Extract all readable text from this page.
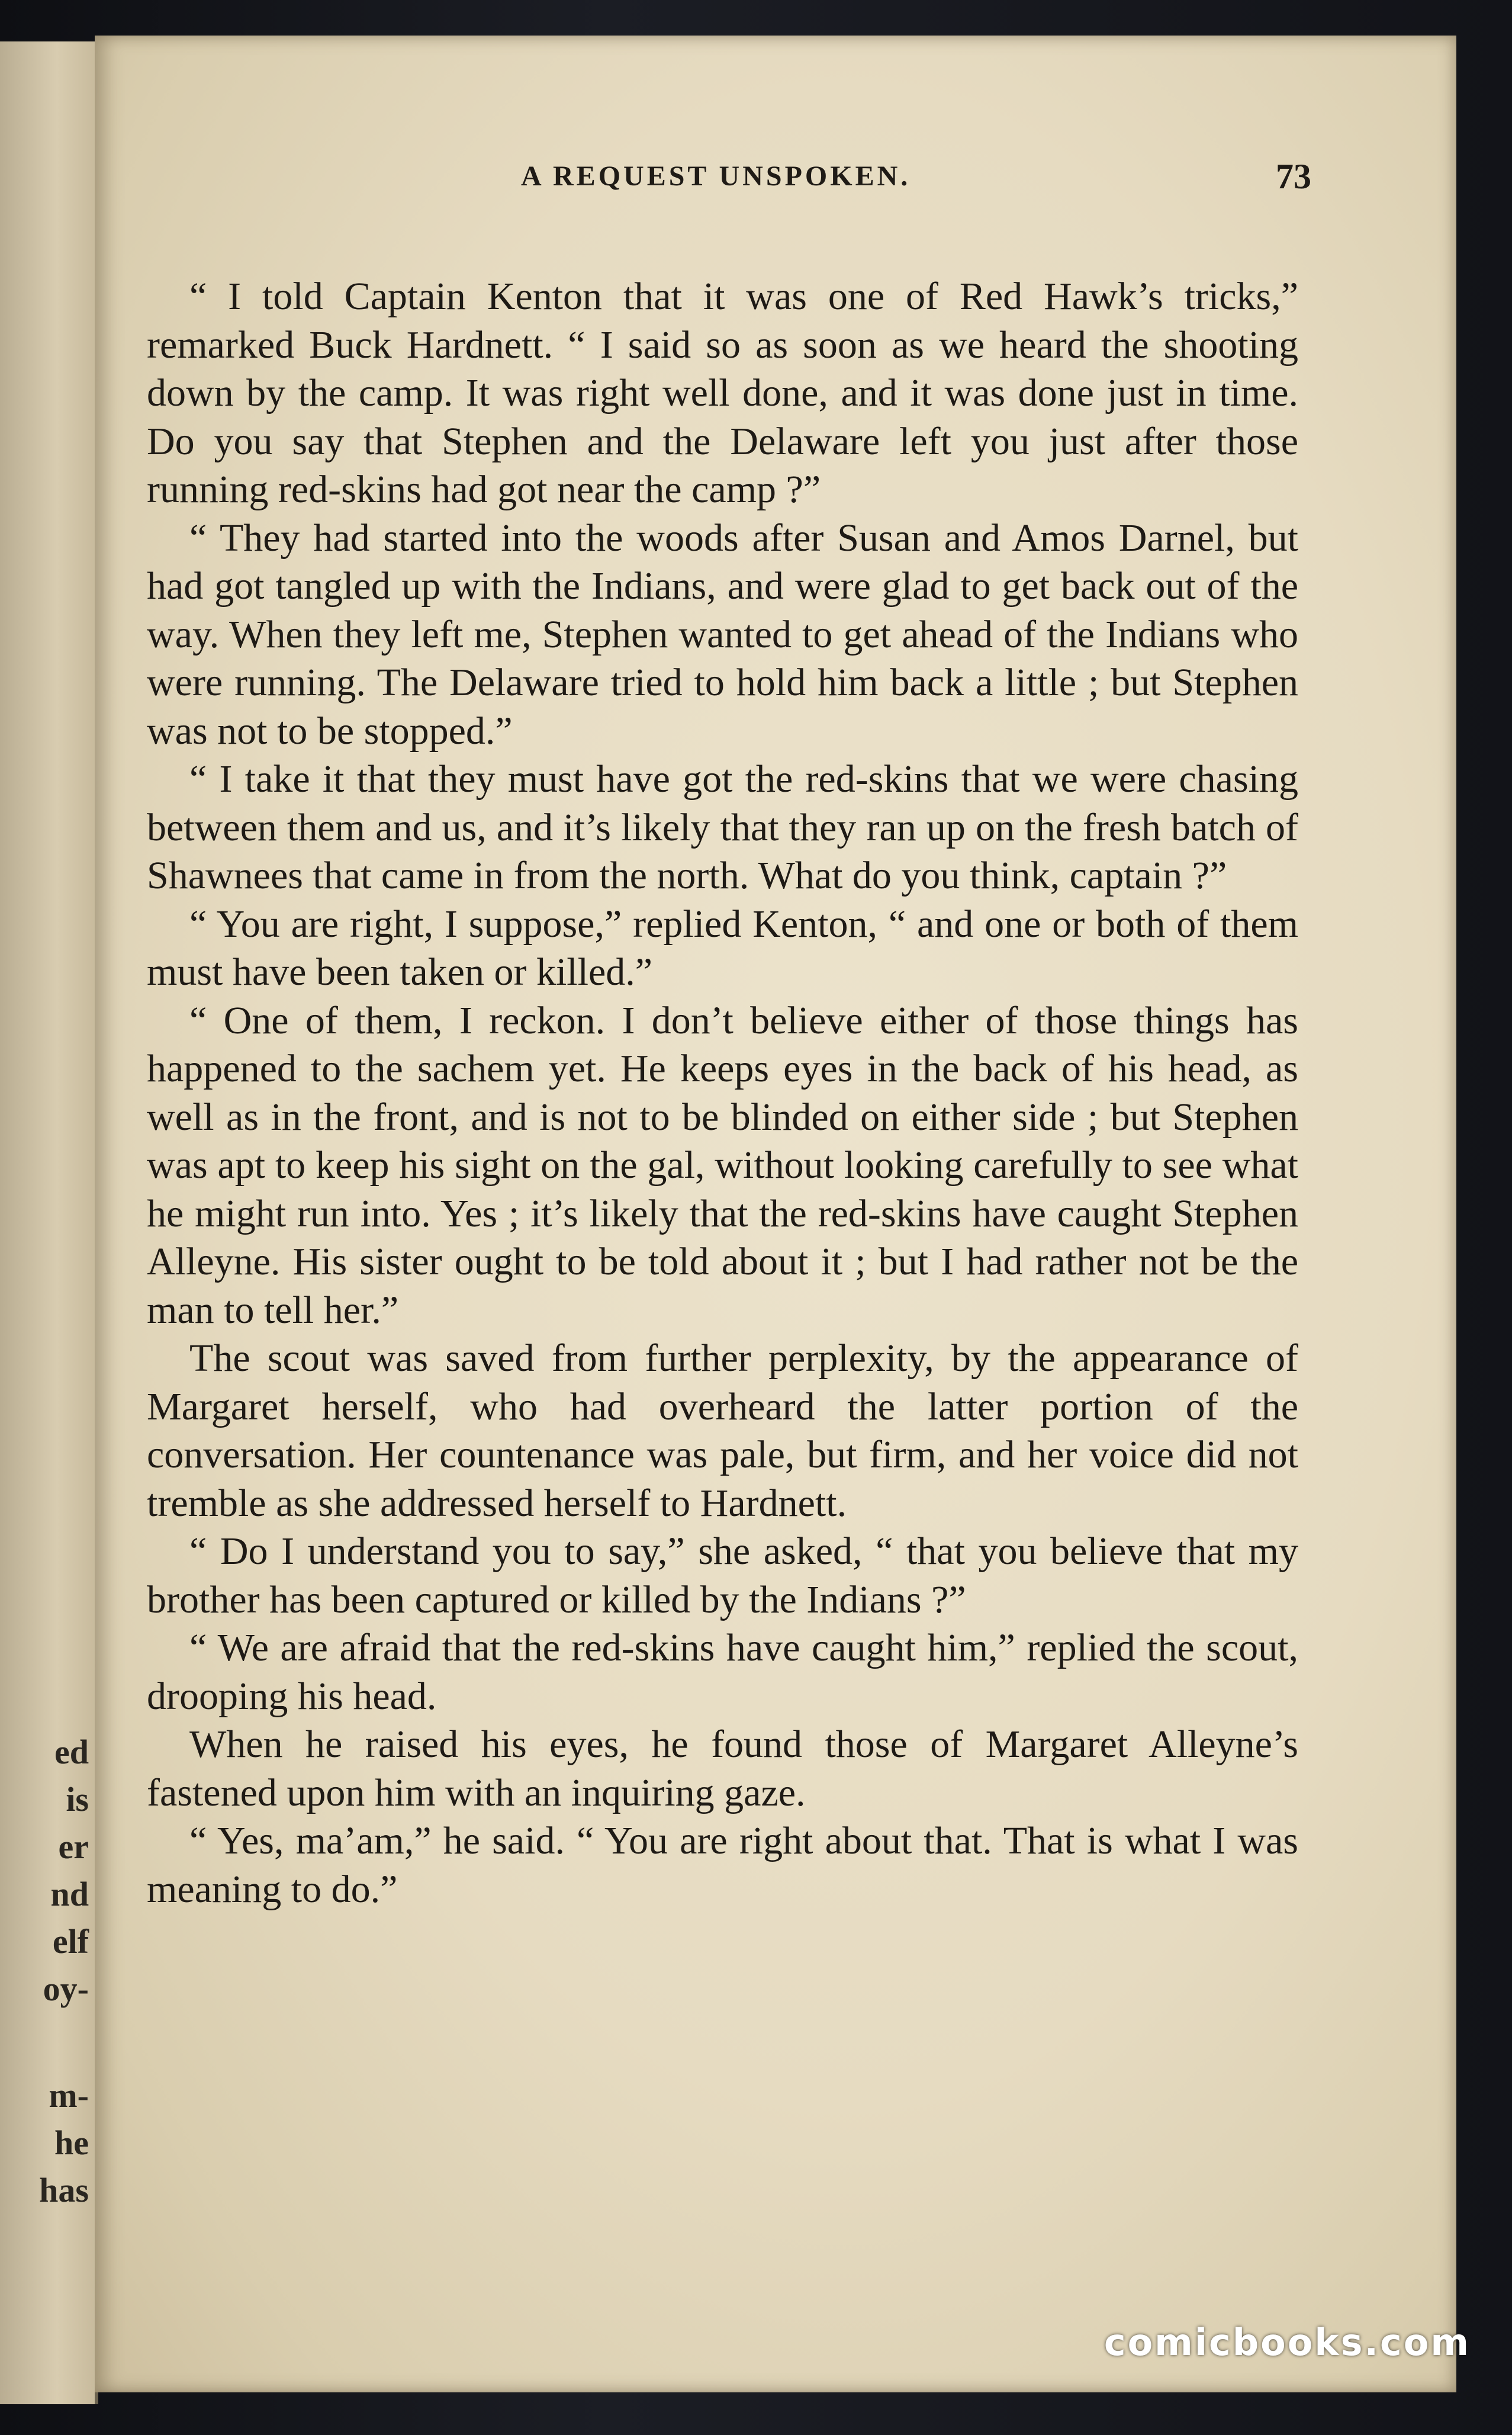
ed
is
er
nd
elf
oy-
m-
he
has
A REQUEST UNSPOKEN.	73

“ I told Captain Kenton that it was one of Red Hawk’s tricks,” remarked Buck Hardnett. “ I said so as soon as we heard the shooting down by the camp. It was right well done, and it was done just in time. Do you say that Stephen and the Delaware left you just after those running red-skins had got near the camp ?”

“ They had started into the woods after Susan and Amos Darnel, but had got tangled up with the Indians, and were glad to get back out of the way. When they left me, Stephen wanted to get ahead of the Indians who were running. The Delaware tried to hold him back a little ; but Stephen was not to be stopped.”

“ I take it that they must have got the red-skins that we were chasing between them and us, and it’s likely that they ran up on the fresh batch of Shawnees that came in from the north. What do you think, captain ?”

“ You are right, I suppose,” replied Kenton, “ and one or both of them must have been taken or killed.”

“ One of them, I reckon. I don’t believe either of those things has happened to the sachem yet. He keeps eyes in the back of his head, as well as in the front, and is not to be blinded on either side ; but Stephen was apt to keep his sight on the gal, without looking carefully to see what he might run into. Yes ; it’s likely that the red-skins have caught Stephen Alleyne. His sister ought to be told about it ; but I had rather not be the man to tell her.”

The scout was saved from further perplexity, by the appearance of Margaret herself, who had overheard the latter portion of the conversation. Her countenance was pale, but firm, and her voice did not tremble as she addressed herself to Hardnett.

“ Do I understand you to say,” she asked, “ that you believe that my brother has been captured or killed by the Indians ?”

“ We are afraid that the red-skins have caught him,” replied the scout, drooping his head.

When he raised his eyes, he found those of Margaret Alleyne’s fastened upon him with an inquiring gaze.

“ Yes, ma’am,” he said. “ You are right about that. That is what I was meaning to do.”

comicbooks.com
